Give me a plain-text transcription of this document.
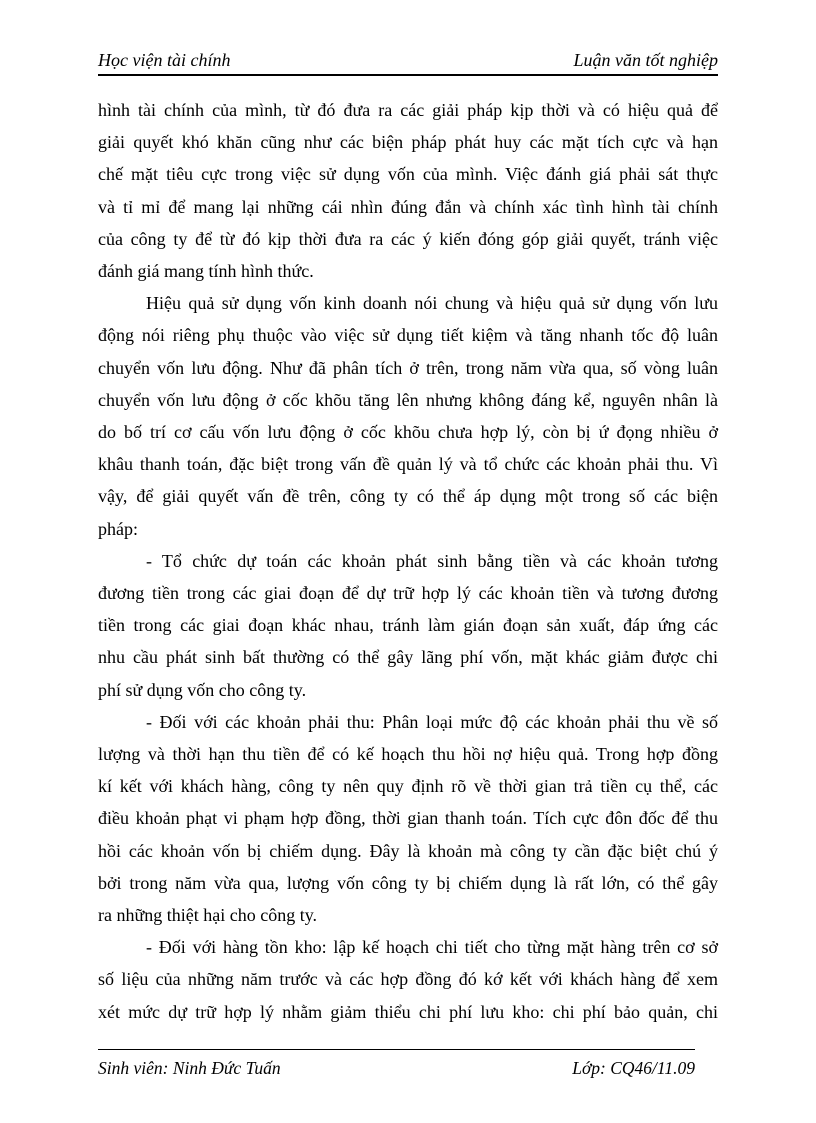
Học viện tài chính	Luận văn tốt nghiệp
hình tài chính của mình, từ đó đưa ra các giải pháp kịp thời và có hiệu quả để
giải quyết khó khăn cũng như các biện pháp phát huy các mặt tích cực và hạn
chế mặt tiêu cực trong việc sử dụng vốn của mình. Việc đánh giá phải sát thực
và tỉ mỉ để mang lại những cái nhìn đúng đắn và chính xác tình hình tài chính
của công ty để từ đó kịp thời đưa ra các ý kiến đóng góp giải quyết, tránh việc
đánh giá mang tính hình thức.
Hiệu quả sử dụng vốn kinh doanh nói chung và hiệu quả sử dụng vốn lưu
động nói riêng phụ thuộc vào việc sử dụng tiết kiệm và tăng nhanh tốc độ luân
chuyển vốn lưu động. Như đã phân tích ở trên, trong năm vừa qua, số vòng luân
chuyển vốn lưu động ở cốc khõu tăng lên nhưng không đáng kể, nguyên nhân là
do bố trí cơ cấu vốn lưu động ở cốc khõu chưa hợp lý, còn bị ứ đọng nhiều ở
khâu thanh toán, đặc biệt trong vấn đề quản lý và tổ chức các khoản phải thu. Vì
vậy, để giải quyết vấn đề trên, công ty có thể áp dụng một trong số các biện
pháp:
- Tổ chức dự toán các khoản phát sinh bằng tiền và các khoản tương
đương tiền trong các giai đoạn để dự trữ hợp lý các khoản tiền và tương đương
tiền trong các giai đoạn khác nhau, tránh làm gián đoạn sản xuất, đáp ứng các
nhu cầu phát sinh bất thường có thể gây lãng phí vốn, mặt khác giảm được chi
phí sử dụng vốn cho công ty.
- Đối với các khoản phải thu: Phân loại mức độ các khoản phải thu về số
lượng và thời hạn thu tiền để có kế hoạch thu hồi nợ hiệu quả. Trong hợp đồng
kí kết với khách hàng, công ty nên quy định rõ về thời gian trả tiền cụ thể, các
điều khoản phạt vi phạm hợp đồng, thời gian thanh toán. Tích cực đôn đốc để thu
hồi các khoản vốn bị chiếm dụng. Đây là khoản mà công ty cần đặc biệt chú ý
bởi trong năm vừa qua, lượng vốn công ty bị chiếm dụng là rất lớn, có thể gây
ra những thiệt hại cho công ty.
- Đối với hàng tồn kho: lập kế hoạch chi tiết cho từng mặt hàng trên cơ sở
số liệu của những năm trước và các hợp đồng đó kớ kết với khách hàng để xem
xét mức dự trữ hợp lý nhằm giảm thiểu chi phí lưu kho: chi phí bảo quản, chi
Sinh viên: Ninh Đức Tuấn	Lớp: CQ46/11.09
